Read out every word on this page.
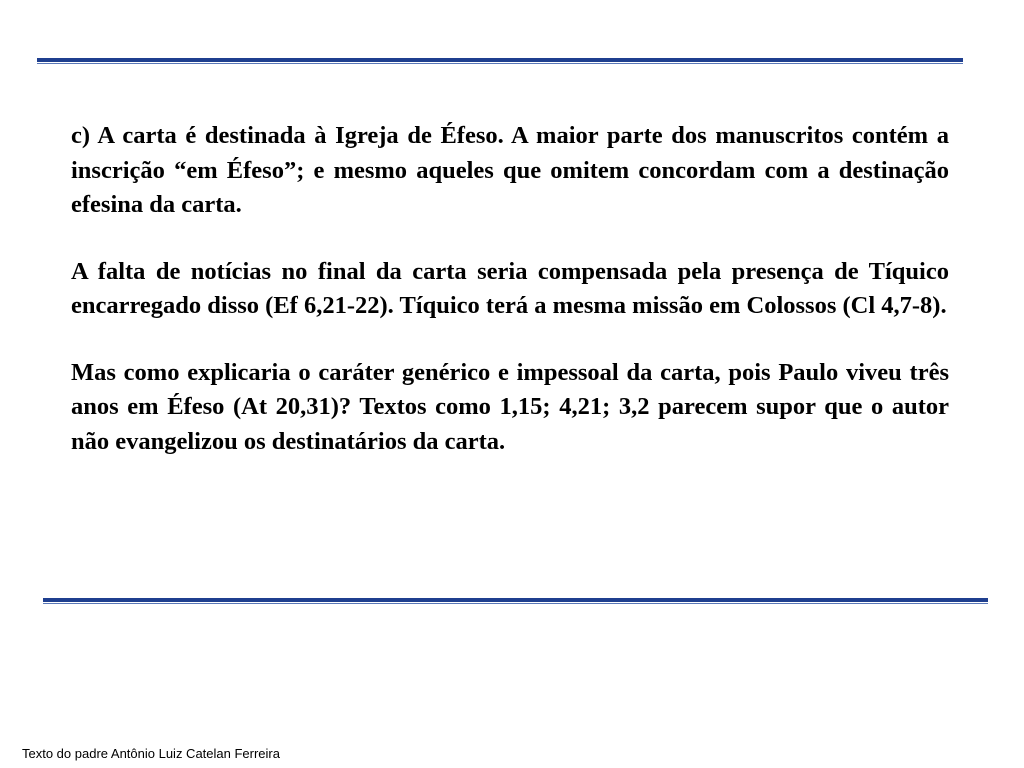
c) A carta é destinada à Igreja de Éfeso. A maior parte dos manuscritos contém a inscrição “em Éfeso”; e mesmo aqueles que omitem concordam com a destinação efesina da carta.

A falta de notícias no final da carta seria compensada pela presença de Tíquico encarregado disso (Ef 6,21-22). Tíquico terá a mesma missão em Colossos (Cl 4,7-8).

Mas como explicaria o caráter genérico e impessoal da carta, pois Paulo viveu três anos em Éfeso (At 20,31)? Textos como 1,15; 4,21; 3,2 parecem supor que o autor não evangelizou os destinatários da carta.

Texto do padre Antônio Luiz Catelan Ferreira
